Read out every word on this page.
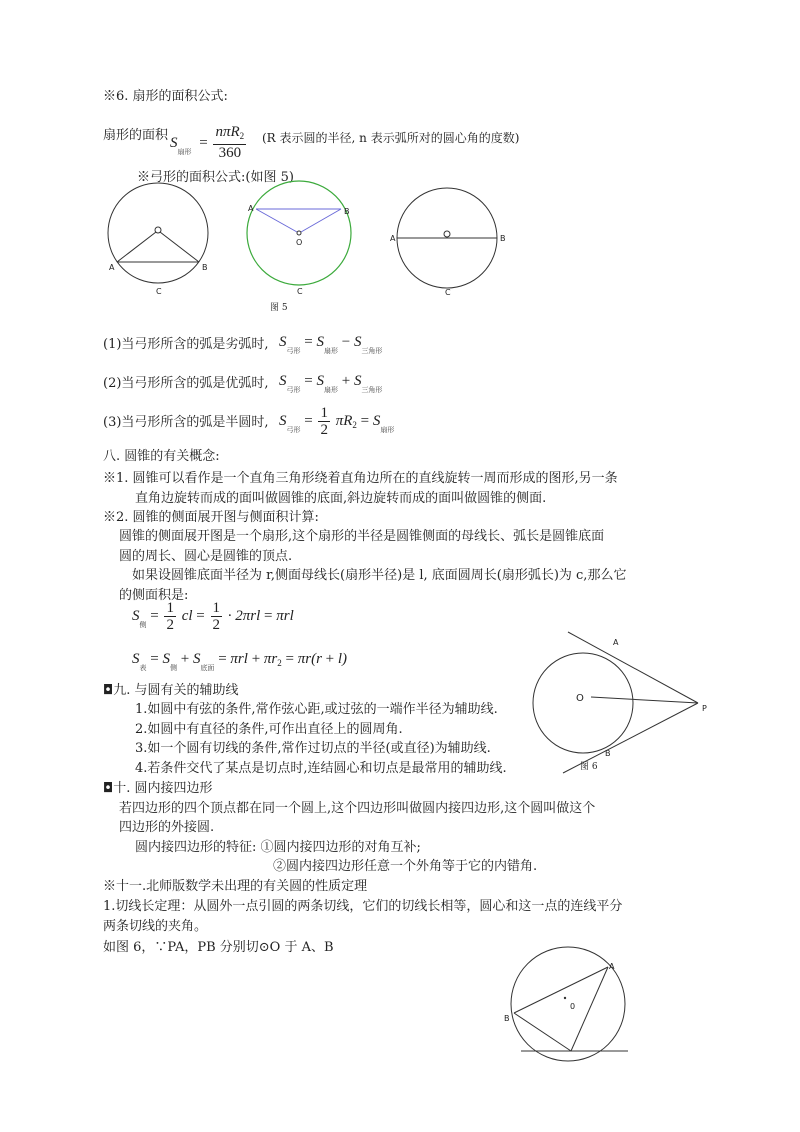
※6. 扇形的面积公式:
扇形的面积 $S_{扇形} = \frac{n\pi R_2}{360} (R$ 表示圆的半径, n 表示弧所对的圆心角的度数)
※弓形的面积公式:(如图 5)
A	B
C
A	B
O
C
A	B
C
图 5
(1)当弓形所含的弧是劣弧时, $S_{弓形} = S_{扇形} - S_{三角形}$
(2)当弓形所含的弧是优弧时, $S_{弓形} = S_{扇形} + S_{三角形}$
(3)当弓形所含的弧是半圆时, $S_{弓形} = \frac{1}{2} \pi R_2 = S_{扇形}$
八. 圆锥的有关概念:
※1. 圆锥可以看作是一个直角三角形绕着直角边所在的直线旋转一周而形成的图形,另一条
直角边旋转而成的面叫做圆锥的底面,斜边旋转而成的面叫做圆锥的侧面.
※2. 圆锥的侧面展开图与侧面积计算:
圆锥的侧面展开图是一个扇形,这个扇形的半径是圆锥侧面的母线长、弧长是圆锥底面
圆的周长、圆心是圆锥的顶点.
如果设圆锥底面半径为 r,侧面母线长(扇形半径)是 l, 底面圆周长(扇形弧长)为 c,那么它
的侧面积是:
$S_侧 = \frac{1}{2}$ cl = $\frac{1}{2} \cdot 2\pi rl = \pi rl$
$S_表 = S_侧 + S_{底面} = \pi rl + \pi r_2 = \pi r(r + l)$
A
O
P
B
图 6
◘九. 与圆有关的辅助线
1.如圆中有弦的条件,常作弦心距,或过弦的一端作半径为辅助线.
2.如圆中有直径的条件,可作出直径上的圆周角.
3.如一个圆有切线的条件,常作过切点的半径(或直径)为辅助线.
4.若条件交代了某点是切点时,连结圆心和切点是最常用的辅助线.
◘十. 圆内接四边形
若四边形的四个顶点都在同一个圆上,这个四边形叫做圆内接四边形,这个圆叫做这个
四边形的外接圆.
圆内接四边形的特征: ①圆内接四边形的对角互补;
②圆内接四边形任意一个外角等于它的内错角.
※十一.北师版数学未出理的有关圆的性质定理
1.切线长定理：从圆外一点引圆的两条切线，它们的切线长相等，圆心和这一点的连线平分
两条切线的夹角。
如图 6，∵PA，PB 分别切⊙O 于 A、B
A
B
0
